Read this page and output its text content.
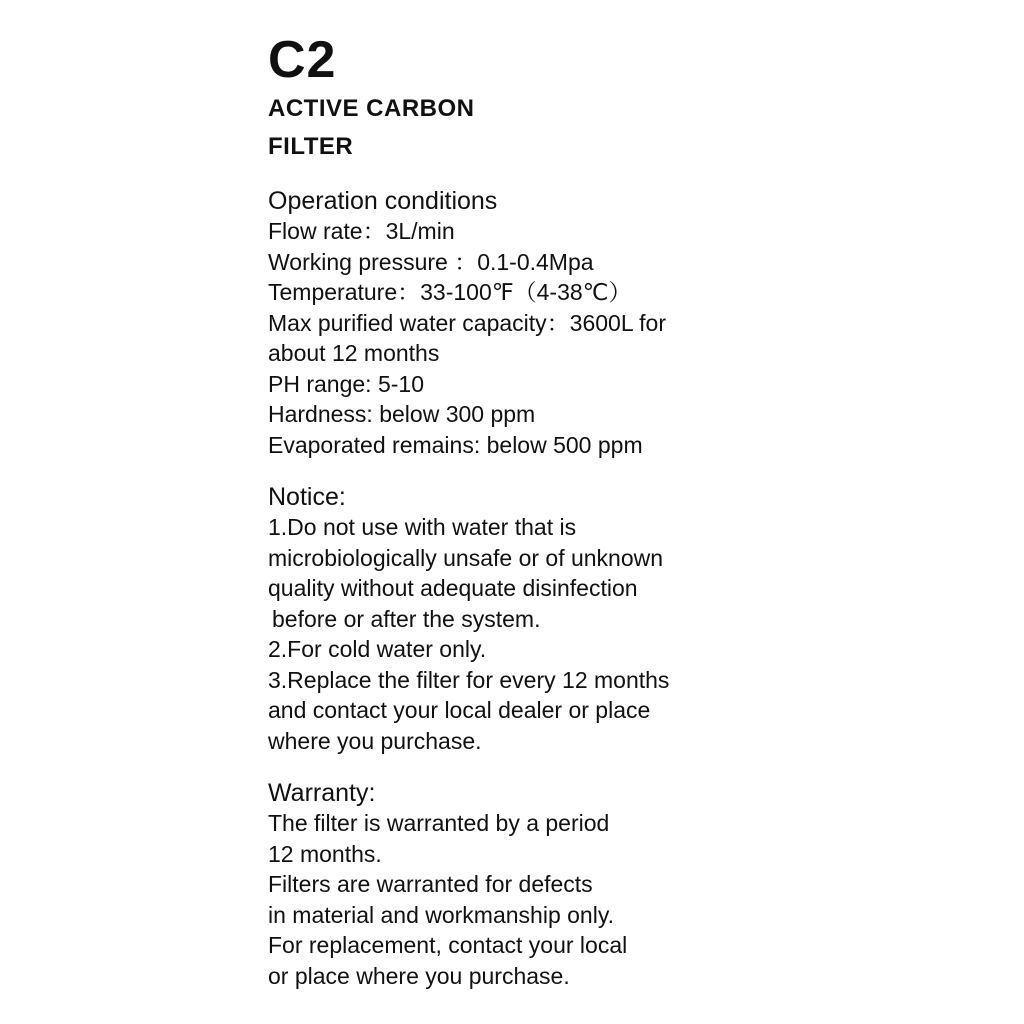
C2

ACTIVE CARBON

FILTER

Operation conditions

Flow rate：3L/min

Working pressure ：0.1-0.4Mpa

Temperature：33-100℉（4-38℃）

Max purified water capacity：3600L for

about 12 months

PH range: 5-10

Hardness: below 300 ppm

Evaporated remains: below 500 ppm

Notice:

1.Do not use with water that is

microbiologically unsafe or of unknown

quality without adequate disinfection

before or after the system.

2.For cold water only.

3.Replace the filter for every 12 months

and contact your local dealer or place

where you purchase.

Warranty:

The filter is warranted by a period

12 months.

Filters are warranted for defects

in material and workmanship only.

For replacement, contact your local

or place where you purchase.
